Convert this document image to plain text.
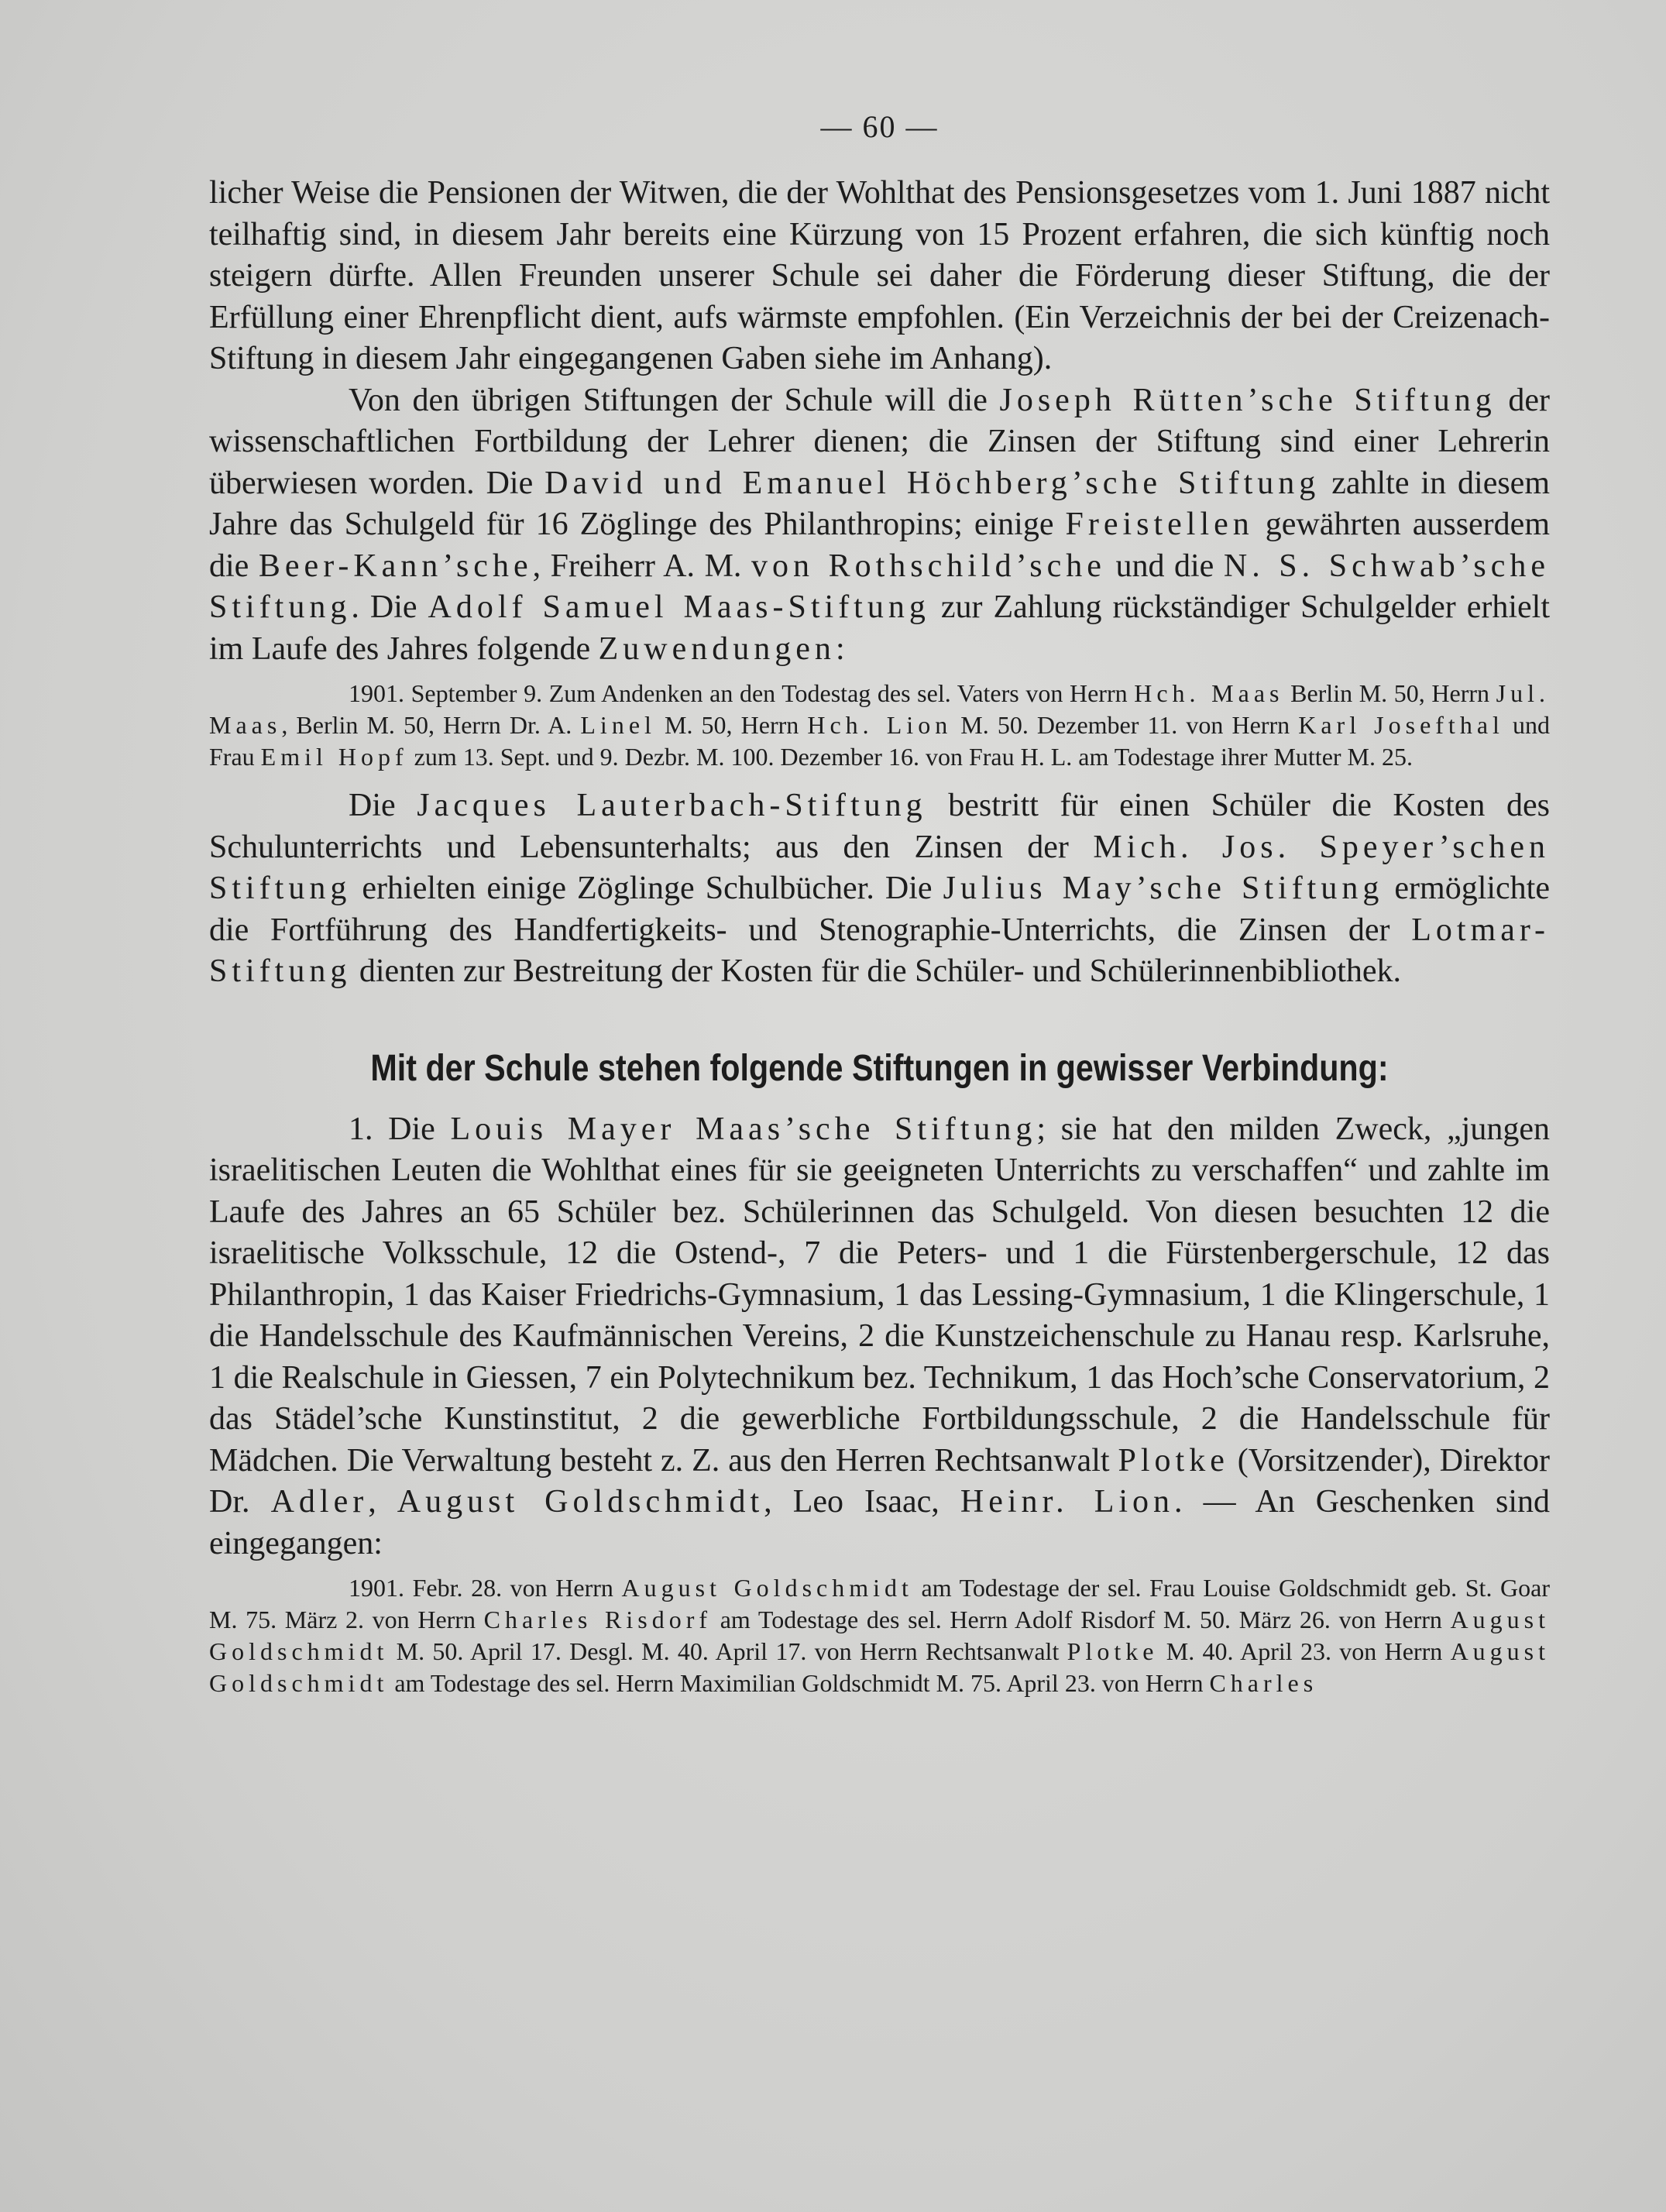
— 60 —

licher Weise die Pensionen der Witwen, die der Wohlthat des Pensionsgesetzes vom 1. Juni 1887 nicht teilhaftig sind, in diesem Jahr bereits eine Kürzung von 15 Prozent erfahren, die sich künftig noch steigern dürfte. Allen Freunden unserer Schule sei daher die Förderung dieser Stiftung, die der Erfüllung einer Ehrenpflicht dient, aufs wärmste empfohlen. (Ein Verzeichnis der bei der Creizenach-Stiftung in diesem Jahr eingegangenen Gaben siehe im Anhang).

Von den übrigen Stiftungen der Schule will die Joseph Rütten’sche Stiftung der wissenschaftlichen Fortbildung der Lehrer dienen; die Zinsen der Stiftung sind einer Lehrerin überwiesen worden. Die David und Emanuel Höchberg’sche Stiftung zahlte in diesem Jahre das Schulgeld für 16 Zöglinge des Philanthropins; einige Freistellen gewährten ausserdem die Beer-Kann’sche, Freiherr A. M. von Rothschild’sche und die N. S. Schwab’sche Stiftung. Die Adolf Samuel Maas-Stiftung zur Zahlung rückständiger Schulgelder erhielt im Laufe des Jahres folgende Zuwendungen:

1901. September 9. Zum Andenken an den Todestag des sel. Vaters von Herrn Hch. Maas Berlin M. 50, Herrn Jul. Maas, Berlin M. 50, Herrn Dr. A. Linel M. 50, Herrn Hch. Lion M. 50. Dezember 11. von Herrn Karl Josefthal und Frau Emil Hopf zum 13. Sept. und 9. Dezbr. M. 100. Dezember 16. von Frau H. L. am Todestage ihrer Mutter M. 25.

Die Jacques Lauterbach-Stiftung bestritt für einen Schüler die Kosten des Schulunterrichts und Lebensunterhalts; aus den Zinsen der Mich. Jos. Speyer’schen Stiftung erhielten einige Zöglinge Schulbücher. Die Julius May’sche Stiftung ermöglichte die Fortführung des Handfertigkeits- und Stenographie-Unterrichts, die Zinsen der Lotmar-Stiftung dienten zur Bestreitung der Kosten für die Schüler- und Schülerinnenbibliothek.

Mit der Schule stehen folgende Stiftungen in gewisser Verbindung:

1. Die Louis Mayer Maas’sche Stiftung; sie hat den milden Zweck, „jungen israelitischen Leuten die Wohlthat eines für sie geeigneten Unterrichts zu verschaffen“ und zahlte im Laufe des Jahres an 65 Schüler bez. Schülerinnen das Schulgeld. Von diesen besuchten 12 die israelitische Volksschule, 12 die Ostend-, 7 die Peters- und 1 die Fürstenbergerschule, 12 das Philanthropin, 1 das Kaiser Friedrichs-Gymnasium, 1 das Lessing-Gymnasium, 1 die Klingerschule, 1 die Handelsschule des Kaufmännischen Vereins, 2 die Kunstzeichenschule zu Hanau resp. Karlsruhe, 1 die Realschule in Giessen, 7 ein Polytechnikum bez. Technikum, 1 das Hoch’sche Conservatorium, 2 das Städel’sche Kunstinstitut, 2 die gewerbliche Fortbildungsschule, 2 die Handelsschule für Mädchen. Die Verwaltung besteht z. Z. aus den Herren Rechtsanwalt Plotke (Vorsitzender), Direktor Dr. Adler, August Goldschmidt, Leo Isaac, Heinr. Lion. — An Geschenken sind eingegangen:

1901. Febr. 28. von Herrn August Goldschmidt am Todestage der sel. Frau Louise Goldschmidt geb. St. Goar M. 75. März 2. von Herrn Charles Risdorf am Todestage des sel. Herrn Adolf Risdorf M. 50. März 26. von Herrn August Goldschmidt M. 50. April 17. Desgl. M. 40. April 17. von Herrn Rechtsanwalt Plotke M. 40. April 23. von Herrn August Goldschmidt am Todestage des sel. Herrn Maximilian Goldschmidt M. 75. April 23. von Herrn Charles
